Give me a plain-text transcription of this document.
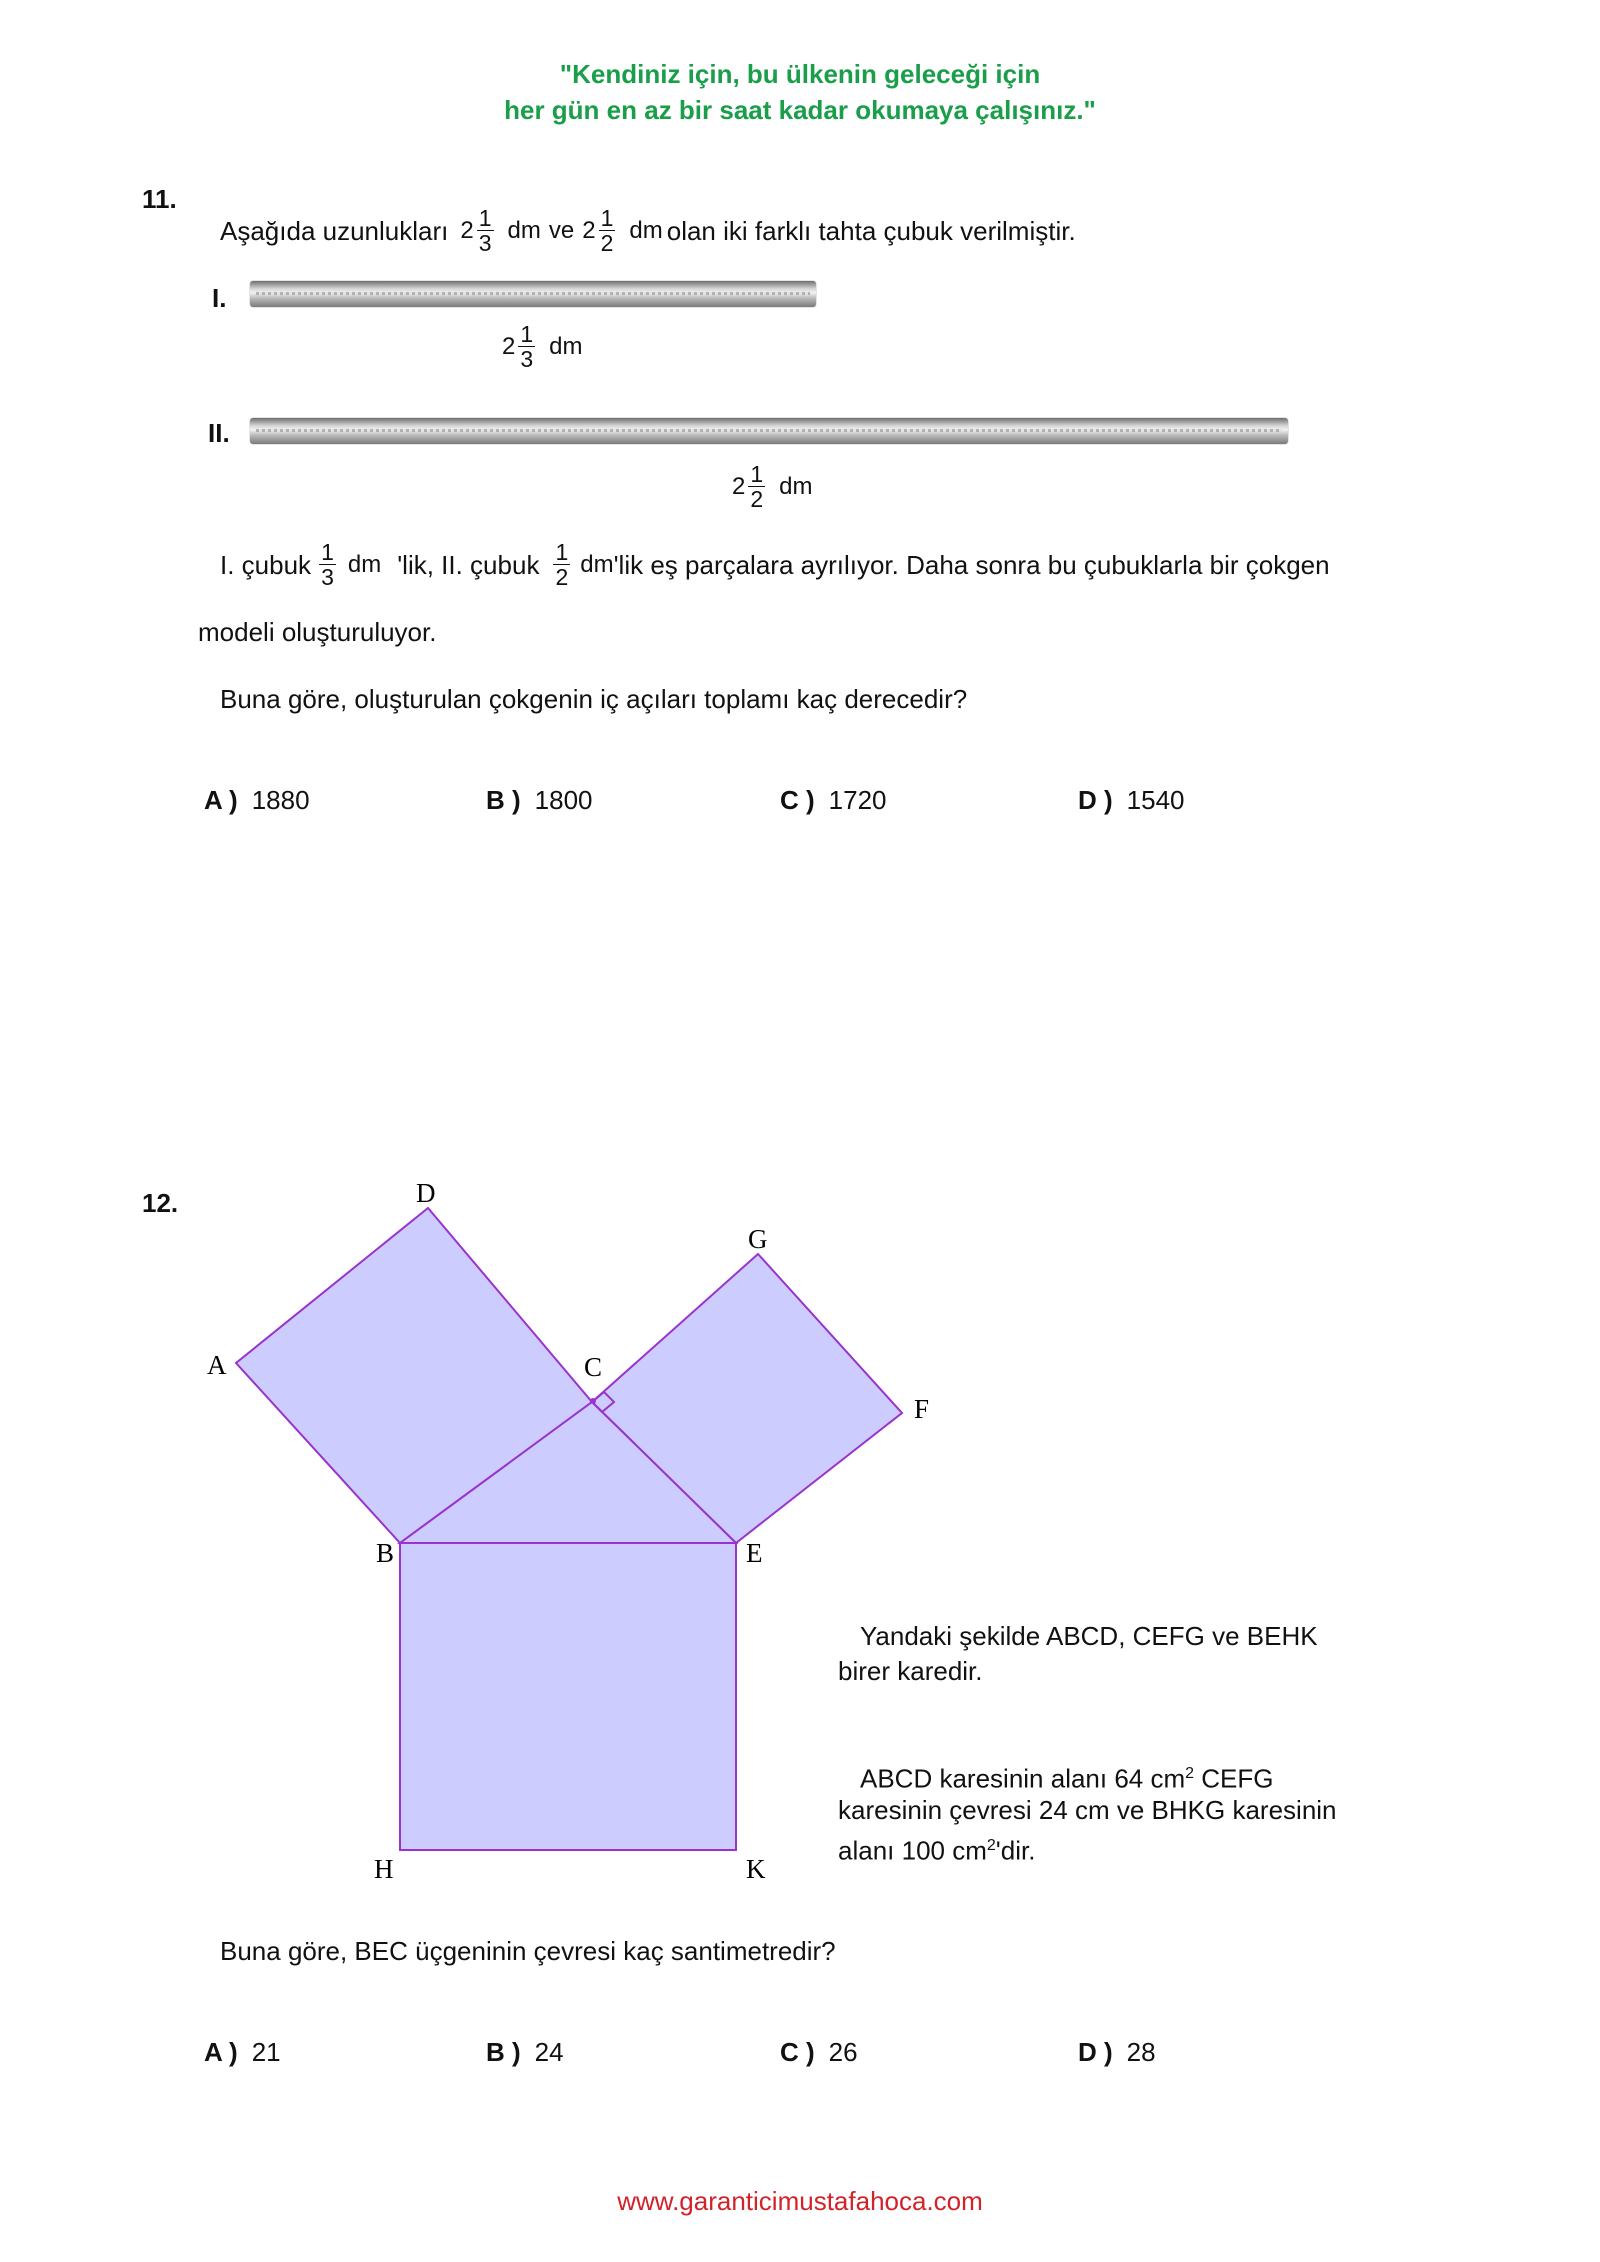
"Kendiniz için, bu ülkenin geleceği için
her gün en az bir saat kadar okumaya çalışınız."
11.
Aşağıda uzunlukları $2 \frac{1}{3}$ dm ve $2 \frac{1}{2}$ dm olan iki farklı tahta çubuk verilmiştir.
I.
$2 \frac{1}{3}$ dm
II.
$2 \frac{1}{2}$ dm
I. çubuk $\frac{1}{3}$ dm 'lik, II. çubuk $\frac{1}{2}$ dm 'lik eş parçalara ayrılıyor. Daha sonra bu çubuklarla bir çokgen
modeli oluşturuluyor.
Buna göre, oluşturulan çokgenin iç açıları toplamı kaç derecedir?
A ) 1880	B ) 1800	C ) 1720	D ) 1540
12.
A
D
C
G
F
B	E
H	K
Yandaki şekilde ABCD, CEFG ve BEHK
birer karedir.
ABCD karesinin alanı 64 $cm^2$ CEFG
karesinin çevresi 24 cm ve BHKG karesinin
alanı 100 $cm^2'dir$.
Buna göre, BEC üçgeninin çevresi kaç santimetredir?
A ) 21	B ) 24	C ) 26	D ) 28
www.garanticimustafahoca.com
